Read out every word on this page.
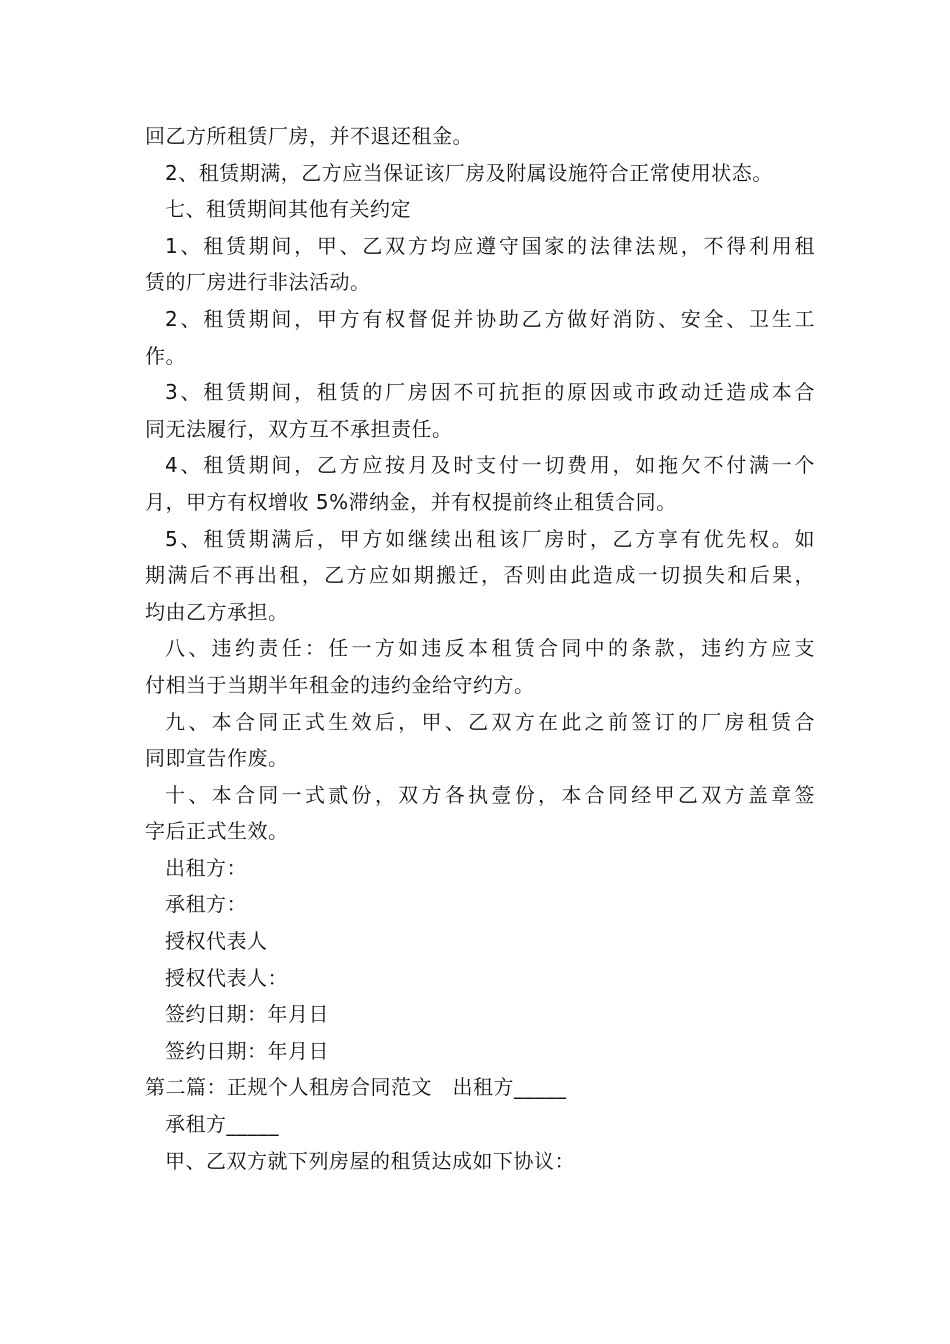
回乙方所租赁厂房，并不退还租金。
2、租赁期满，乙方应当保证该厂房及附属设施符合正常使用状态。
七、租赁期间其他有关约定
1、租赁期间，甲、乙双方均应遵守国家的法律法规，不得利用租
赁的厂房进行非法活动。
2、租赁期间，甲方有权督促并协助乙方做好消防、安全、卫生工
作。
3、租赁期间，租赁的厂房因不可抗拒的原因或市政动迁造成本合
同无法履行，双方互不承担责任。
4、租赁期间，乙方应按月及时支付一切费用，如拖欠不付满一个
月，甲方有权增收 5%滞纳金，并有权提前终止租赁合同。
5、租赁期满后，甲方如继续出租该厂房时，乙方享有优先权。如
期满后不再出租，乙方应如期搬迁，否则由此造成一切损失和后果，
均由乙方承担。
八、违约责任：任一方如违反本租赁合同中的条款，违约方应支
付相当于当期半年租金的违约金给守约方。
九、本合同正式生效后，甲、乙双方在此之前签订的厂房租赁合
同即宣告作废。
十、本合同一式贰份，双方各执壹份，本合同经甲乙双方盖章签
字后正式生效。
出租方：
承租方：
授权代表人
授权代表人：
签约日期：年月日
签约日期：年月日
第二篇：正规个人租房合同范文　出租方_____
承租方_____
甲、乙双方就下列房屋的租赁达成如下协议：
